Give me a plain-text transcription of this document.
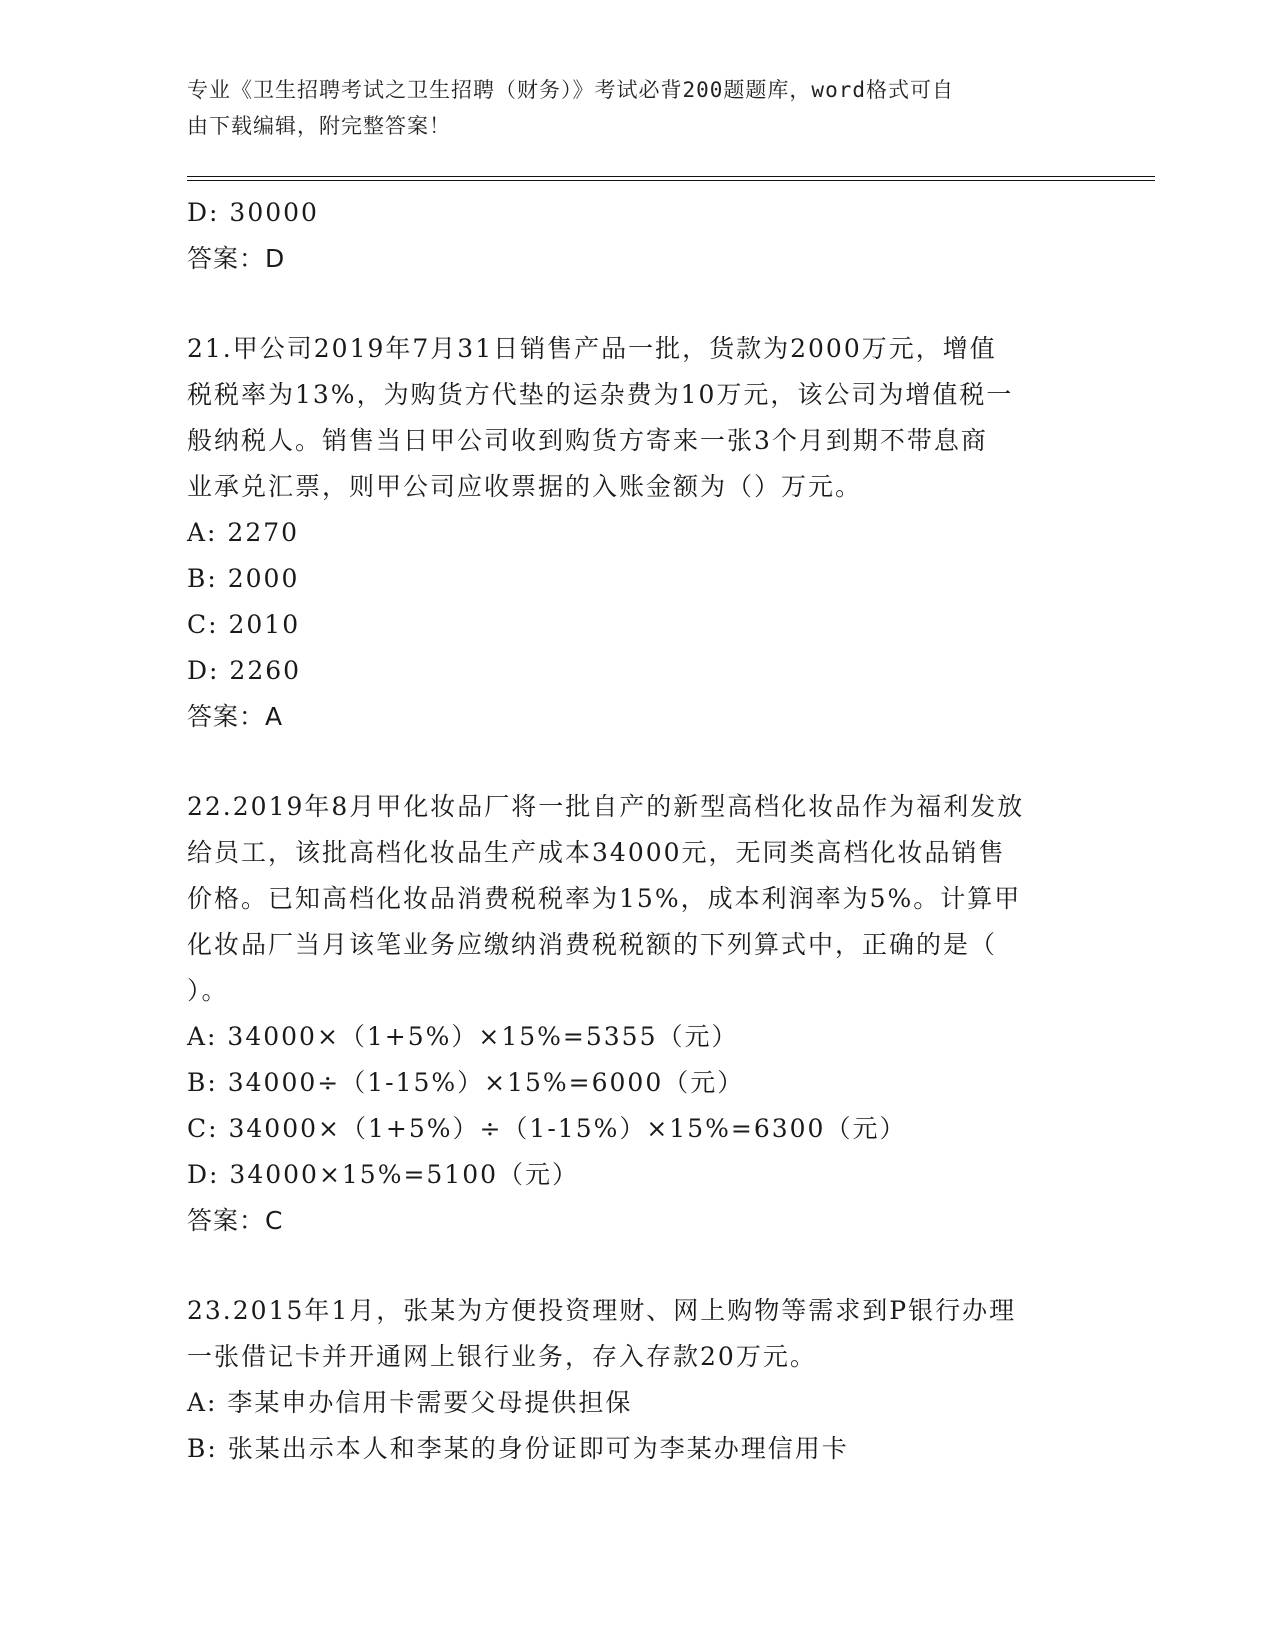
专业《卫生招聘考试之卫生招聘（财务）》考试必背200题题库，word格式可自
由下载编辑，附完整答案！
D: 30000
答案：D
21.甲公司2019年7月31日销售产品一批，货款为2000万元，增值
税税率为13%，为购货方代垫的运杂费为10万元，该公司为增值税一
般纳税人。销售当日甲公司收到购货方寄来一张3个月到期不带息商
业承兑汇票，则甲公司应收票据的入账金额为（）万元。
A: 2270
B: 2000
C: 2010
D: 2260
答案：A
22.2019年8月甲化妆品厂将一批自产的新型高档化妆品作为福利发放
给员工，该批高档化妆品生产成本34000元，无同类高档化妆品销售
价格。已知高档化妆品消费税税率为15%，成本利润率为5%。计算甲
化妆品厂当月该笔业务应缴纳消费税税额的下列算式中，正确的是（
）。
A: 34000×（1+5%）×15%=5355（元）
B: 34000÷（1-15%）×15%=6000（元）
C: 34000×（1+5%）÷（1-15%）×15%=6300（元）
D: 34000×15%=5100（元）
答案：C
23.2015年1月，张某为方便投资理财、网上购物等需求到P银行办理
一张借记卡并开通网上银行业务，存入存款20万元。
A: 李某申办信用卡需要父母提供担保
B: 张某出示本人和李某的身份证即可为李某办理信用卡
